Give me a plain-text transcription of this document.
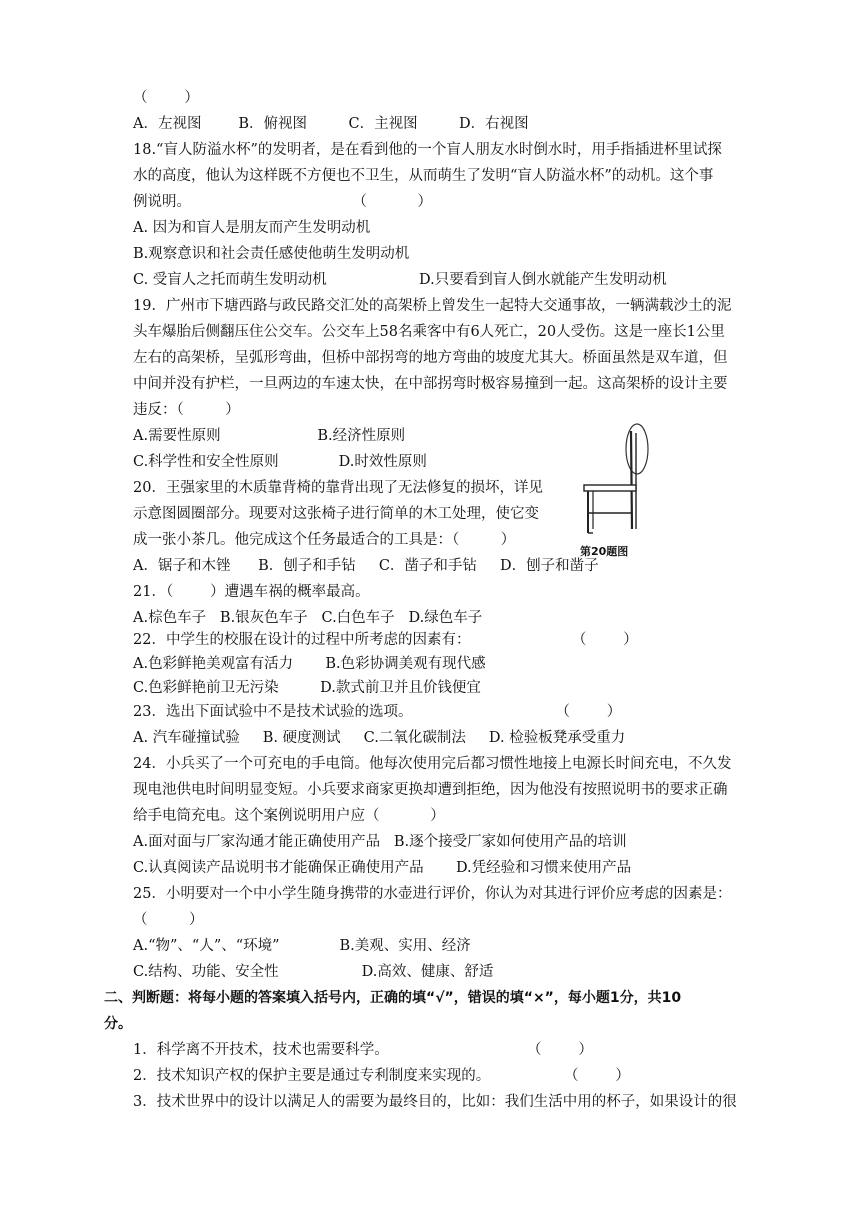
（        ）
A．左视图        B．俯视图         C．主视图         D．右视图
18.“盲人防溢水杯”的发明者，是在看到他的一个盲人朋友水时倒水时，用手指插进杯里试探
水的高度，他认为这样既不方便也不卫生，从而萌生了发明“盲人防溢水杯”的动机。这个事
例说明。                                   （           ）
A. 因为和盲人是朋友而产生发明动机
B.观察意识和社会责任感使他萌生发明动机
C. 受盲人之托而萌生发明动机                    D.只要看到盲人倒水就能产生发明动机
19．广州市下塘西路与政民路交汇处的高架桥上曾发生一起特大交通事故，一辆满载沙土的泥
头车爆胎后侧翻压住公交车。公交车上58名乘客中有6人死亡，20人受伤。这是一座长1公里
左右的高架桥，呈弧形弯曲，但桥中部拐弯的地方弯曲的坡度尤其大。桥面虽然是双车道，但
中间并没有护栏，一旦两边的车速太快，在中部拐弯时极容易撞到一起。这高架桥的设计主要
违反：（         ）
A.需要性原则                     B.经济性原则
C.科学性和安全性原则             D.时效性原则
20．王强家里的木质靠背椅的靠背出现了无法修复的损坏，详见
示意图圆圈部分。现要对这张椅子进行简单的木工处理，使它变
成一张小茶几。他完成这个任务最适合的工具是：（         ）
A．锯子和木锉      B．刨子和手钻     C．凿子和手钻     D．刨子和凿子
21．（        ）遭遇车祸的概率最高。
A.棕色车子   B.银灰色车子   C.白色车子   D.绿色车子
22．中学生的校服在设计的过程中所考虑的因素有：                      （        ）
A.色彩鲜艳美观富有活力       B.色彩协调美观有现代感
C.色彩鲜艳前卫无污染         D.款式前卫并且价钱便宜
23．选出下面试验中不是技术试验的选项。                               （        ）
A. 汽车碰撞试验     B. 硬度测试     C.二氧化碳制法     D. 检验板凳承受重力
24．小兵买了一个可充电的手电筒。他每次使用完后都习惯性地接上电源长时间充电，不久发
现电池供电时间明显变短。小兵要求商家更换却遭到拒绝，因为他没有按照说明书的要求正确
给手电筒充电。这个案例说明用户应（           ）
A.面对面与厂家沟通才能正确使用产品   B.逐个接受厂家如何使用产品的培训
C.认真阅读产品说明书才能确保正确使用产品       D.凭经验和习惯来使用产品
25．小明要对一个中小学生随身携带的水壶进行评价，你认为对其进行评价应考虑的因素是：
（         ）
A.“物”、“人”、“环境”             B.美观、实用、经济
C.结构、功能、安全性                  D.高效、健康、舒适
二、判断题：将每小题的答案填入括号内，正确的填“√”，错误的填“×”，每小题1分，共10
分。
1．科学离不开技术，技术也需要科学。                              （        ）
2．技术知识产权的保护主要是通过专利制度来实现的。                （        ）
3．技术世界中的设计以满足人的需要为最终目的，比如：我们生活中用的杯子，如果设计的很
第20题图
